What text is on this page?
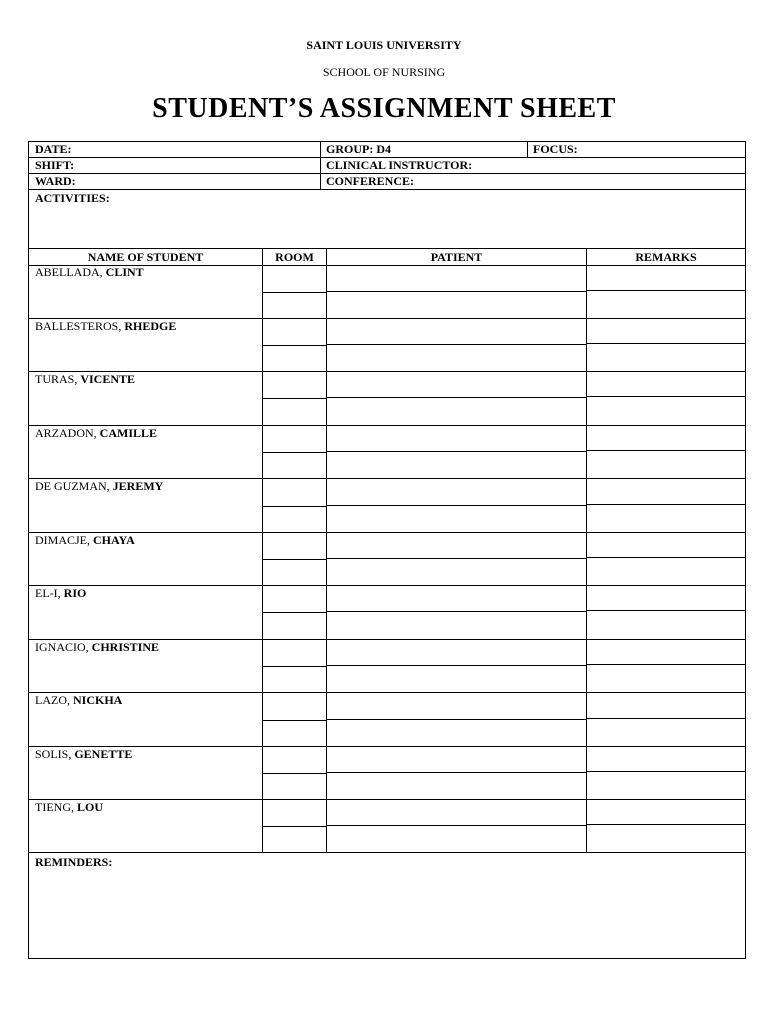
SAINT LOUIS UNIVERSITY
SCHOOL OF NURSING
STUDENT’S ASSIGNMENT SHEET
DATE:	GROUP: D4	FOCUS:
SHIFT:	CLINICAL INSTRUCTOR:
WARD:	CONFERENCE:
ACTIVITIES:
NAME OF STUDENT	ROOM	PATIENT	REMARKS
ABELLADA, CLINT
BALLESTEROS, RHEDGE
TURAS, VICENTE
ARZADON, CAMILLE
DE GUZMAN, JEREMY
DIMACJE, CHAYA
EL-I, RIO
IGNACIO, CHRISTINE
LAZO, NICKHA
SOLIS, GENETTE
TIENG, LOU
REMINDERS:
